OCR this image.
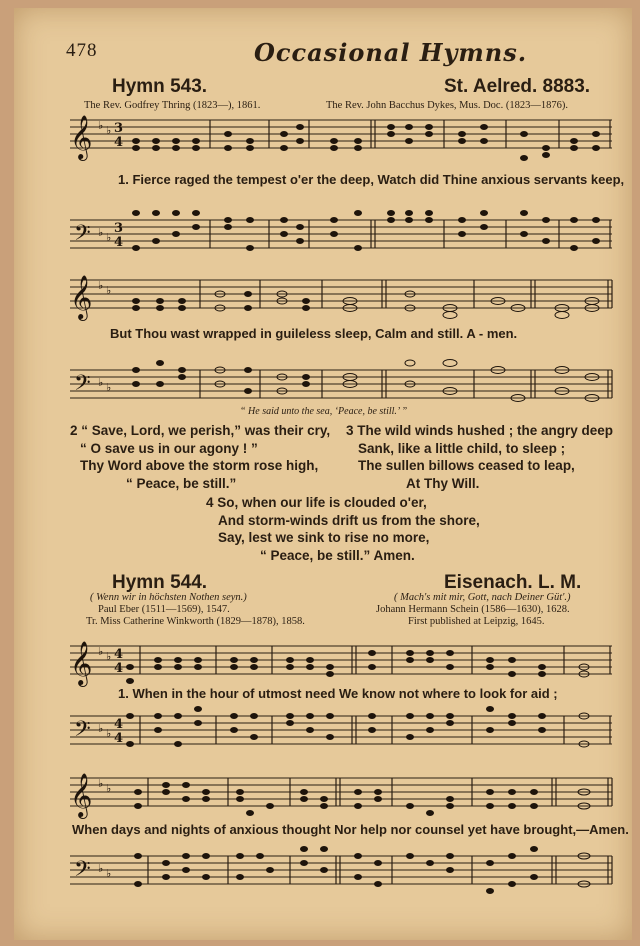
478	Occasional Hymns.
Hymn 543.	St. Aelred. 8883.
The Rev. Godfrey Thring (1823—), 1861.	The Rev. John Bacchus Dykes, Mus. Doc. (1823—1876).
𝄞 ♭ ♭ 3
4
𝄢 ♭ ♭
3
4
𝄞 ♭ ♭
𝄢 ♭ ♭
𝄞 ♭ ♭ 4
4
𝄢 ♭ ♭
4
4
𝄞 ♭ ♭
𝄢 ♭ ♭
1. Fierce raged the tempest o'er the deep, Watch did Thine anxious servants keep,
But Thou wast wrapped in guileless sleep, Calm and still. A - men.
“ He said unto the sea, ‘Peace, be still.’ ”
2 “ Save, Lord, we perish,” was their cry,
“ O save us in our agony ! ”
Thy Word above the storm rose high,
“ Peace, be still.”
3 The wild winds hushed ; the angry deep
Sank, like a little child, to sleep ;
The sullen billows ceased to leap,
At Thy Will.
4 So, when our life is clouded o'er,
And storm-winds drift us from the shore,
Say, lest we sink to rise no more,
“ Peace, be still.” Amen.
Hymn 544.	Eisenach. L. M.
( Wenn wir in höchsten Nothen seyn.)
Paul Eber (1511—1569), 1547.
Tr. Miss Catherine Winkworth (1829—1878), 1858.
( Mach's mit mir, Gott, nach Deiner Güt'.)
Johann Hermann Schein (1586—1630), 1628.
First published at Leipzig, 1645.
1. When in the hour of utmost need We know not where to look for aid ;
When days and nights of anxious thought Nor help nor counsel yet have brought,—Amen.
